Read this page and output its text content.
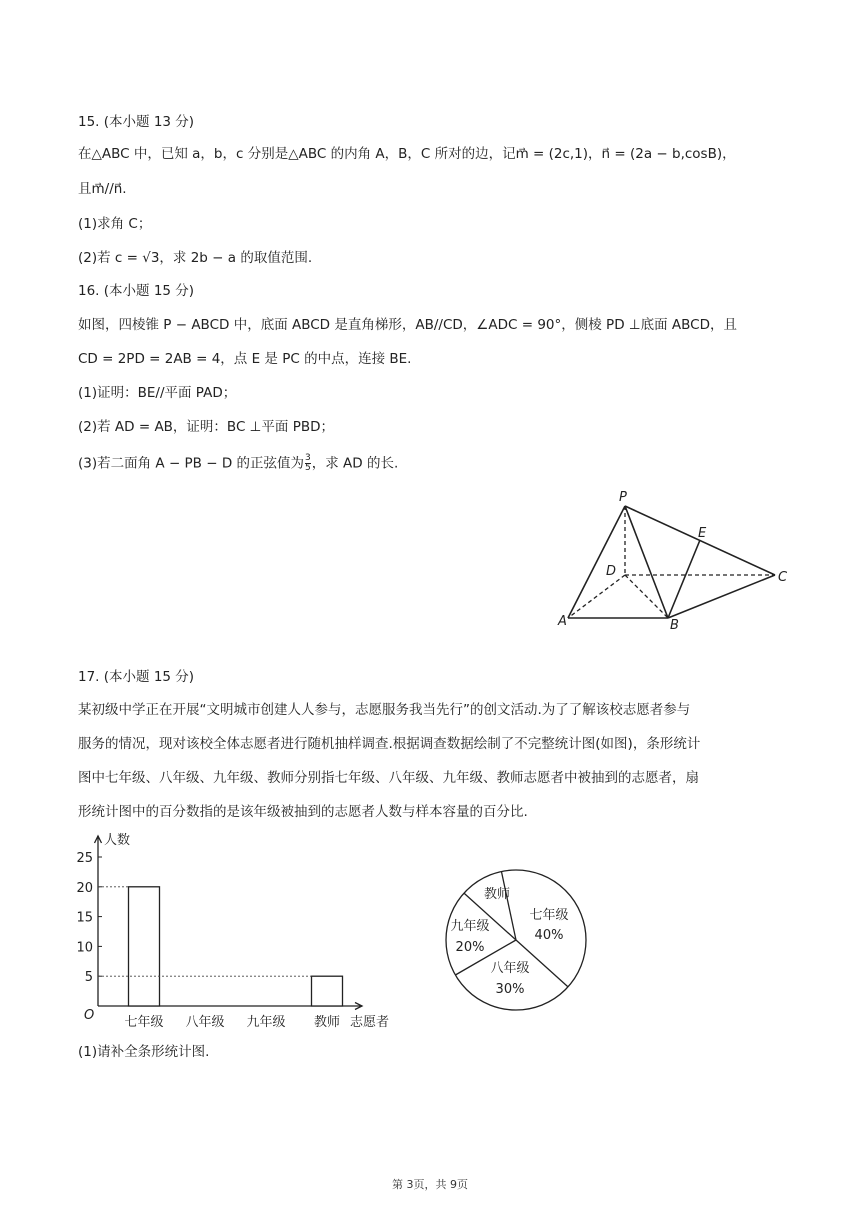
15. (本小题 13 分)
在△ABC 中，已知 a，b，c 分别是△ABC 的内角 A，B，C 所对的边，记m⃗ = (2c,1)，n⃗ = (2a − b,cosB)，
且m⃗//n⃗.
(1)求角 C；
(2)若 c = √3，求 2b − a 的取值范围.
16. (本小题 15 分)
如图，四棱锥 P − ABCD 中，底面 ABCD 是直角梯形，AB//CD，∠ADC = 90°，侧棱 PD ⊥底面 ABCD，且
CD = 2PD = 2AB = 4，点 E 是 PC 的中点，连接 BE.
(1)证明：BE//平面 PAD；
(2)若 AD = AB，证明：BC ⊥平面 PBD；
(3)若二面角 A − PB − D 的正弦值为 $\frac{3}{5}$ ，求 AD 的长.
P
E
D	C
A	B
17. (本小题 15 分)
某初级中学正在开展“文明城市创建人人参与，志愿服务我当先行”的创文活动.为了了解该校志愿者参与
服务的情况，现对该校全体志愿者进行随机抽样调查.根据调查数据绘制了不完整统计图(如图)，条形统计
图中七年级、八年级、九年级、教师分别指七年级、八年级、九年级、教师志愿者中被抽到的志愿者，扇
形统计图中的百分数指的是该年级被抽到的志愿者人数与样本容量的百分比.
人数
O	志愿者
5
10
15
20
25
七年级 八年级 九年级 教师
七年级
40%
八年级
30%
九年级
20%
教师
(1)请补全条形统计图.
第 3页，共 9页
